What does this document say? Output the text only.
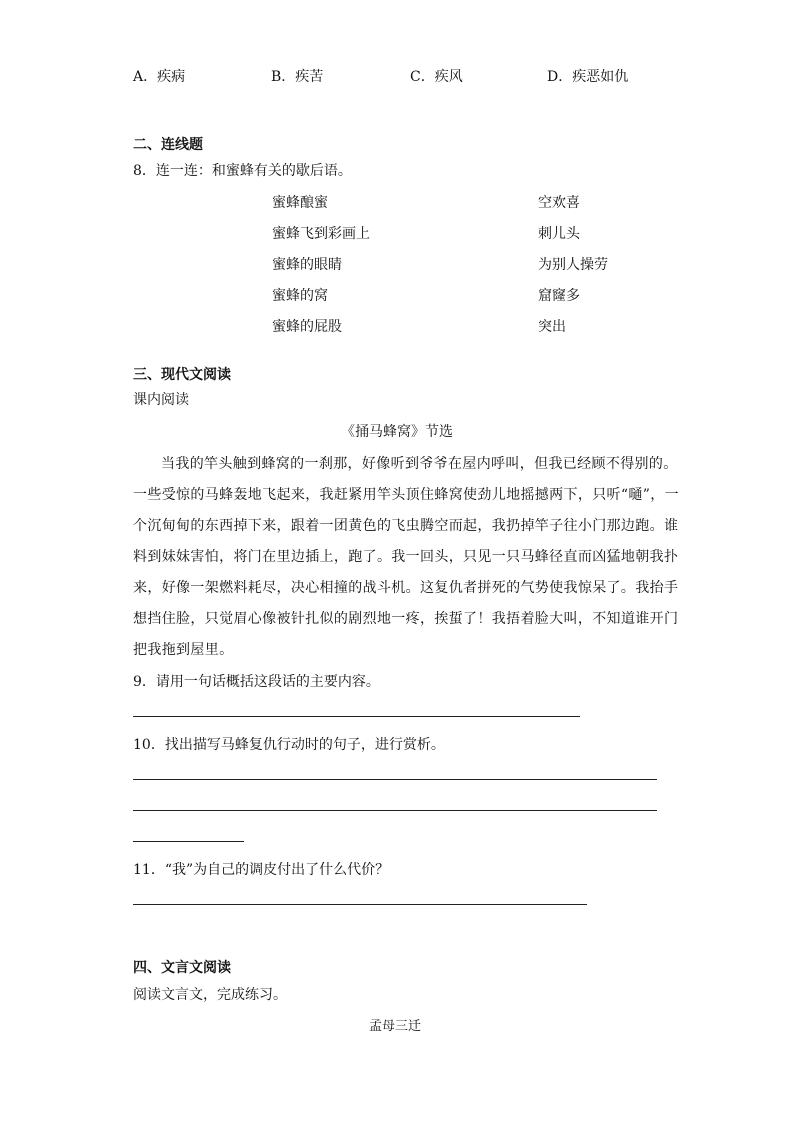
A．疾病	B．疾苦	C．疾风	D．疾恶如仇
二、连线题
8．连一连：和蜜蜂有关的歇后语。
蜜蜂酿蜜
蜜蜂飞到彩画上
蜜蜂的眼睛
蜜蜂的窝
蜜蜂的屁股
空欢喜
刺儿头
为别人操劳
窟窿多
突出
三、现代文阅读
课内阅读
《捅马蜂窝》节选
当我的竿头触到蜂窝的一刹那，好像听到爷爷在屋内呼叫，但我已经顾不得别的。
一些受惊的马蜂轰地飞起来，我赶紧用竿头顶住蜂窝使劲儿地摇撼两下，只听“嗵”，一
个沉甸甸的东西掉下来，跟着一团黄色的飞虫腾空而起，我扔掉竿子往小门那边跑。谁
料到妹妹害怕，将门在里边插上，跑了。我一回头，只见一只马蜂径直而凶猛地朝我扑
来，好像一架燃料耗尽，决心相撞的战斗机。这复仇者拼死的气势使我惊呆了。我抬手
想挡住脸，只觉眉心像被针扎似的剧烈地一疼，挨蜇了！我捂着脸大叫，不知道谁开门
把我拖到屋里。
9．请用一句话概括这段话的主要内容。
10．找出描写马蜂复仇行动时的句子，进行赏析。
11．“我”为自己的调皮付出了什么代价？
四、文言文阅读
阅读文言文，完成练习。
孟母三迁
